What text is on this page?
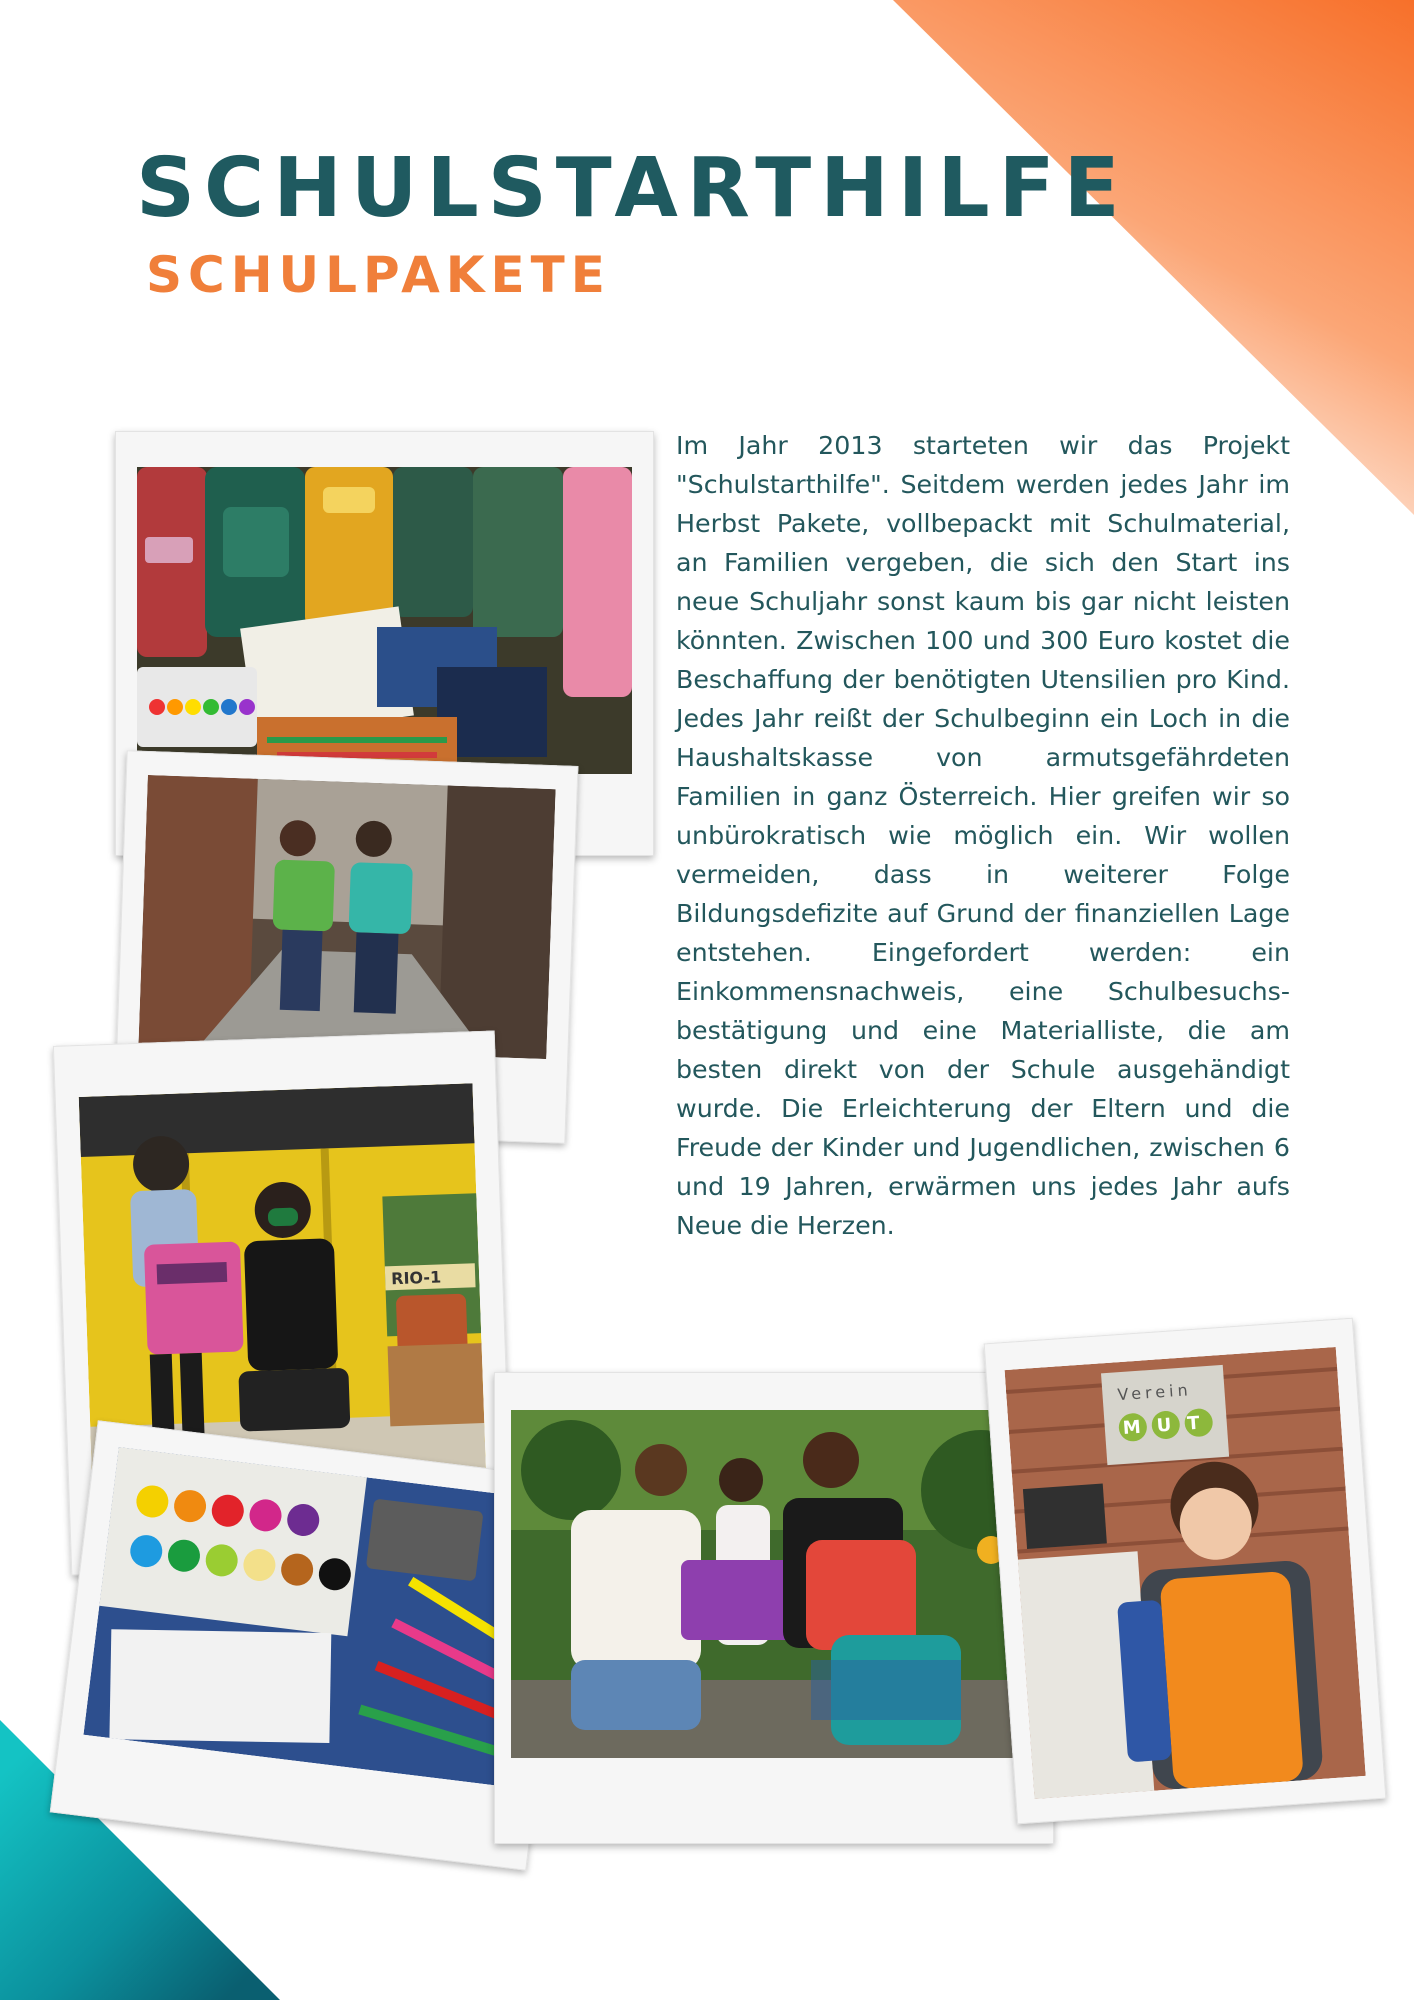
SCHULSTARTHILFE
SCHULPAKETE

Im Jahr 2013 starteten wir das Projekt "Schulstarthilfe". Seitdem werden jedes Jahr im Herbst Pakete, vollbepackt mit Schulmaterial, an Familien vergeben, die sich den Start ins neue Schuljahr sonst kaum bis gar nicht leisten könnten. Zwischen 100 und 300 Euro kostet die Beschaffung der benötigten Utensilien pro Kind. Jedes Jahr reißt der Schulbeginn ein Loch in die Haushaltskasse von armutsgefährdeten Familien in ganz Österreich. Hier greifen wir so unbürokratisch wie möglich ein. Wir wollen vermeiden, dass in weiterer Folge Bildungsdefizite auf Grund der finanziellen Lage entstehen. Eingefordert werden: ein Einkommensnachweis, eine Schulbesuchs-bestätigung und eine Materialliste, die am besten direkt von der Schule ausgehändigt wurde. Die Erleichterung der Eltern und die Freude der Kinder und Jugendlichen, zwischen 6 und 19 Jahren, erwärmen uns jedes Jahr aufs Neue die Herzen.

RIO-1
Verein
MUT
